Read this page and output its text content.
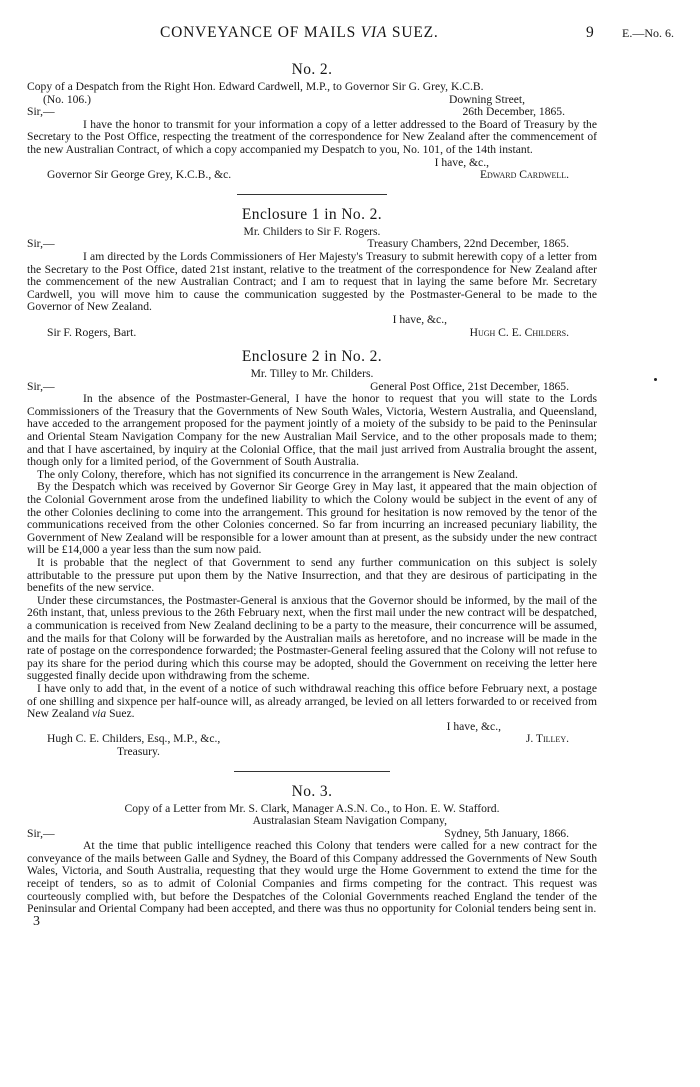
CONVEYANCE OF MAILS VIA SUEZ.	9 E.—No. 6.
No. 2.

Copy of a Despatch from the Right Hon. Edward Cardwell, M.P., to Governor Sir G. Grey, K.C.B.

(No. 106.)	Downing Street,
Sir,—	26th December, 1865.

I have the honor to transmit for your information a copy of a letter addressed to the Board of Treasury by the Secretary to the Post Office, respecting the treatment of the correspondence for New Zealand after the commencement of the new Australian Contract, of which a copy accompanied my Despatch to you, No. 101, of the 14th instant.

I have, &c.,
Governor Sir George Grey, K.C.B., &c.	Edward Cardwell.
Enclosure 1 in No. 2.
Mr. Childers to Sir F. Rogers.
Sir,—	Treasury Chambers, 22nd December, 1865.

I am directed by the Lords Commissioners of Her Majesty's Treasury to submit herewith copy of a letter from the Secretary to the Post Office, dated 21st instant, relative to the treatment of the correspondence for New Zealand after the commencement of the new Australian Contract; and I am to request that in laying the same before Mr. Secretary Cardwell, you will move him to cause the communication suggested by the Postmaster-General to be made to the Governor of New Zealand.

I have, &c.,
Sir F. Rogers, Bart.	Hugh C. E. Childers.
Enclosure 2 in No. 2.
Mr. Tilley to Mr. Childers.
Sir,—	General Post Office, 21st December, 1865.

In the absence of the Postmaster-General, I have the honor to request that you will state to the Lords Commissioners of the Treasury that the Governments of New South Wales, Victoria, Western Australia, and Queensland, have acceded to the arrangement proposed for the payment jointly of a moiety of the subsidy to be paid to the Peninsular and Oriental Steam Navigation Company for the new Australian Mail Service, and to the other proposals made to them; and that I have ascertained, by inquiry at the Colonial Office, that the mail just arrived from Australia brought the assent, though only for a limited period, of the Government of South Australia.

The only Colony, therefore, which has not signified its concurrence in the arrangement is New Zealand.

By the Despatch which was received by Governor Sir George Grey in May last, it appeared that the main objection of the Colonial Government arose from the undefined liability to which the Colony would be subject in the event of any of the other Colonies declining to come into the arrangement. This ground for hesitation is now removed by the tenor of the communications received from the other Colonies concerned. So far from incurring an increased pecuniary liability, the Government of New Zealand will be responsible for a lower amount than at present, as the subsidy under the new contract will be £14,000 a year less than the sum now paid.

It is probable that the neglect of that Government to send any further communication on this subject is solely attributable to the pressure put upon them by the Native Insurrection, and that they are desirous of participating in the benefits of the new service.

Under these circumstances, the Postmaster-General is anxious that the Governor should be informed, by the mail of the 26th instant, that, unless previous to the 26th February next, when the first mail under the new contract will be despatched, a communication is received from New Zealand declining to be a party to the measure, their concurrence will be assumed, and the mails for that Colony will be forwarded by the Australian mails as heretofore, and no increase will be made in the rate of postage on the correspondence forwarded; the Postmaster-General feeling assured that the Colony will not refuse to pay its share for the period during which this course may be adopted, should the Government on receiving the letter here suggested finally decide upon withdrawing from the scheme.

I have only to add that, in the event of a notice of such withdrawal reaching this office before February next, a postage of one shilling and sixpence per half-ounce will, as already arranged, be levied on all letters forwarded to or received from New Zealand via Suez.

I have, &c.,
Hugh C. E. Childers, Esq., M.P., &c.,	J. Tilley.
Treasury.
No. 3.
Copy of a Letter from Mr. S. Clark, Manager A.S.N. Co., to Hon. E. W. Stafford.
Australasian Steam Navigation Company,
Sir,—	Sydney, 5th January, 1866.

At the time that public intelligence reached this Colony that tenders were called for a new contract for the conveyance of the mails between Galle and Sydney, the Board of this Company addressed the Governments of New South Wales, Victoria, and South Australia, requesting that they would urge the Home Government to extend the time for the receipt of tenders, so as to admit of Colonial Companies and firms competing for the contract. This request was courteously complied with, but before the Despatches of the Colonial Governments reached England the tender of the Peninsular and Oriental Company had been accepted, and there was thus no opportunity for Colonial tenders being sent in.

3
